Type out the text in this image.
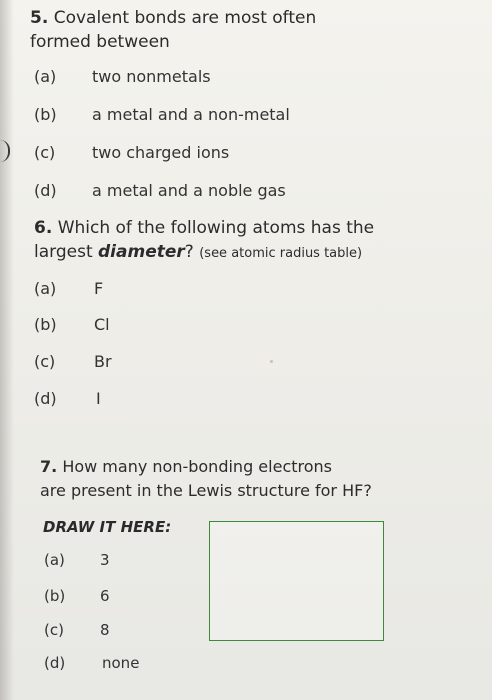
5. Covalent bonds are most often
formed between
(a) two nonmetals
(b) a metal and a non-metal
(c) two charged ions
(d) a metal and a noble gas
6. Which of the following atoms has the
largest diameter? (see atomic radius table)
(a) F
(b) Cl
(c) Br
(d) I
7. How many non-bonding electrons
are present in the Lewis structure for HF?
DRAW IT HERE:
(a) 3
(b) 6
(c) 8
(d) none
